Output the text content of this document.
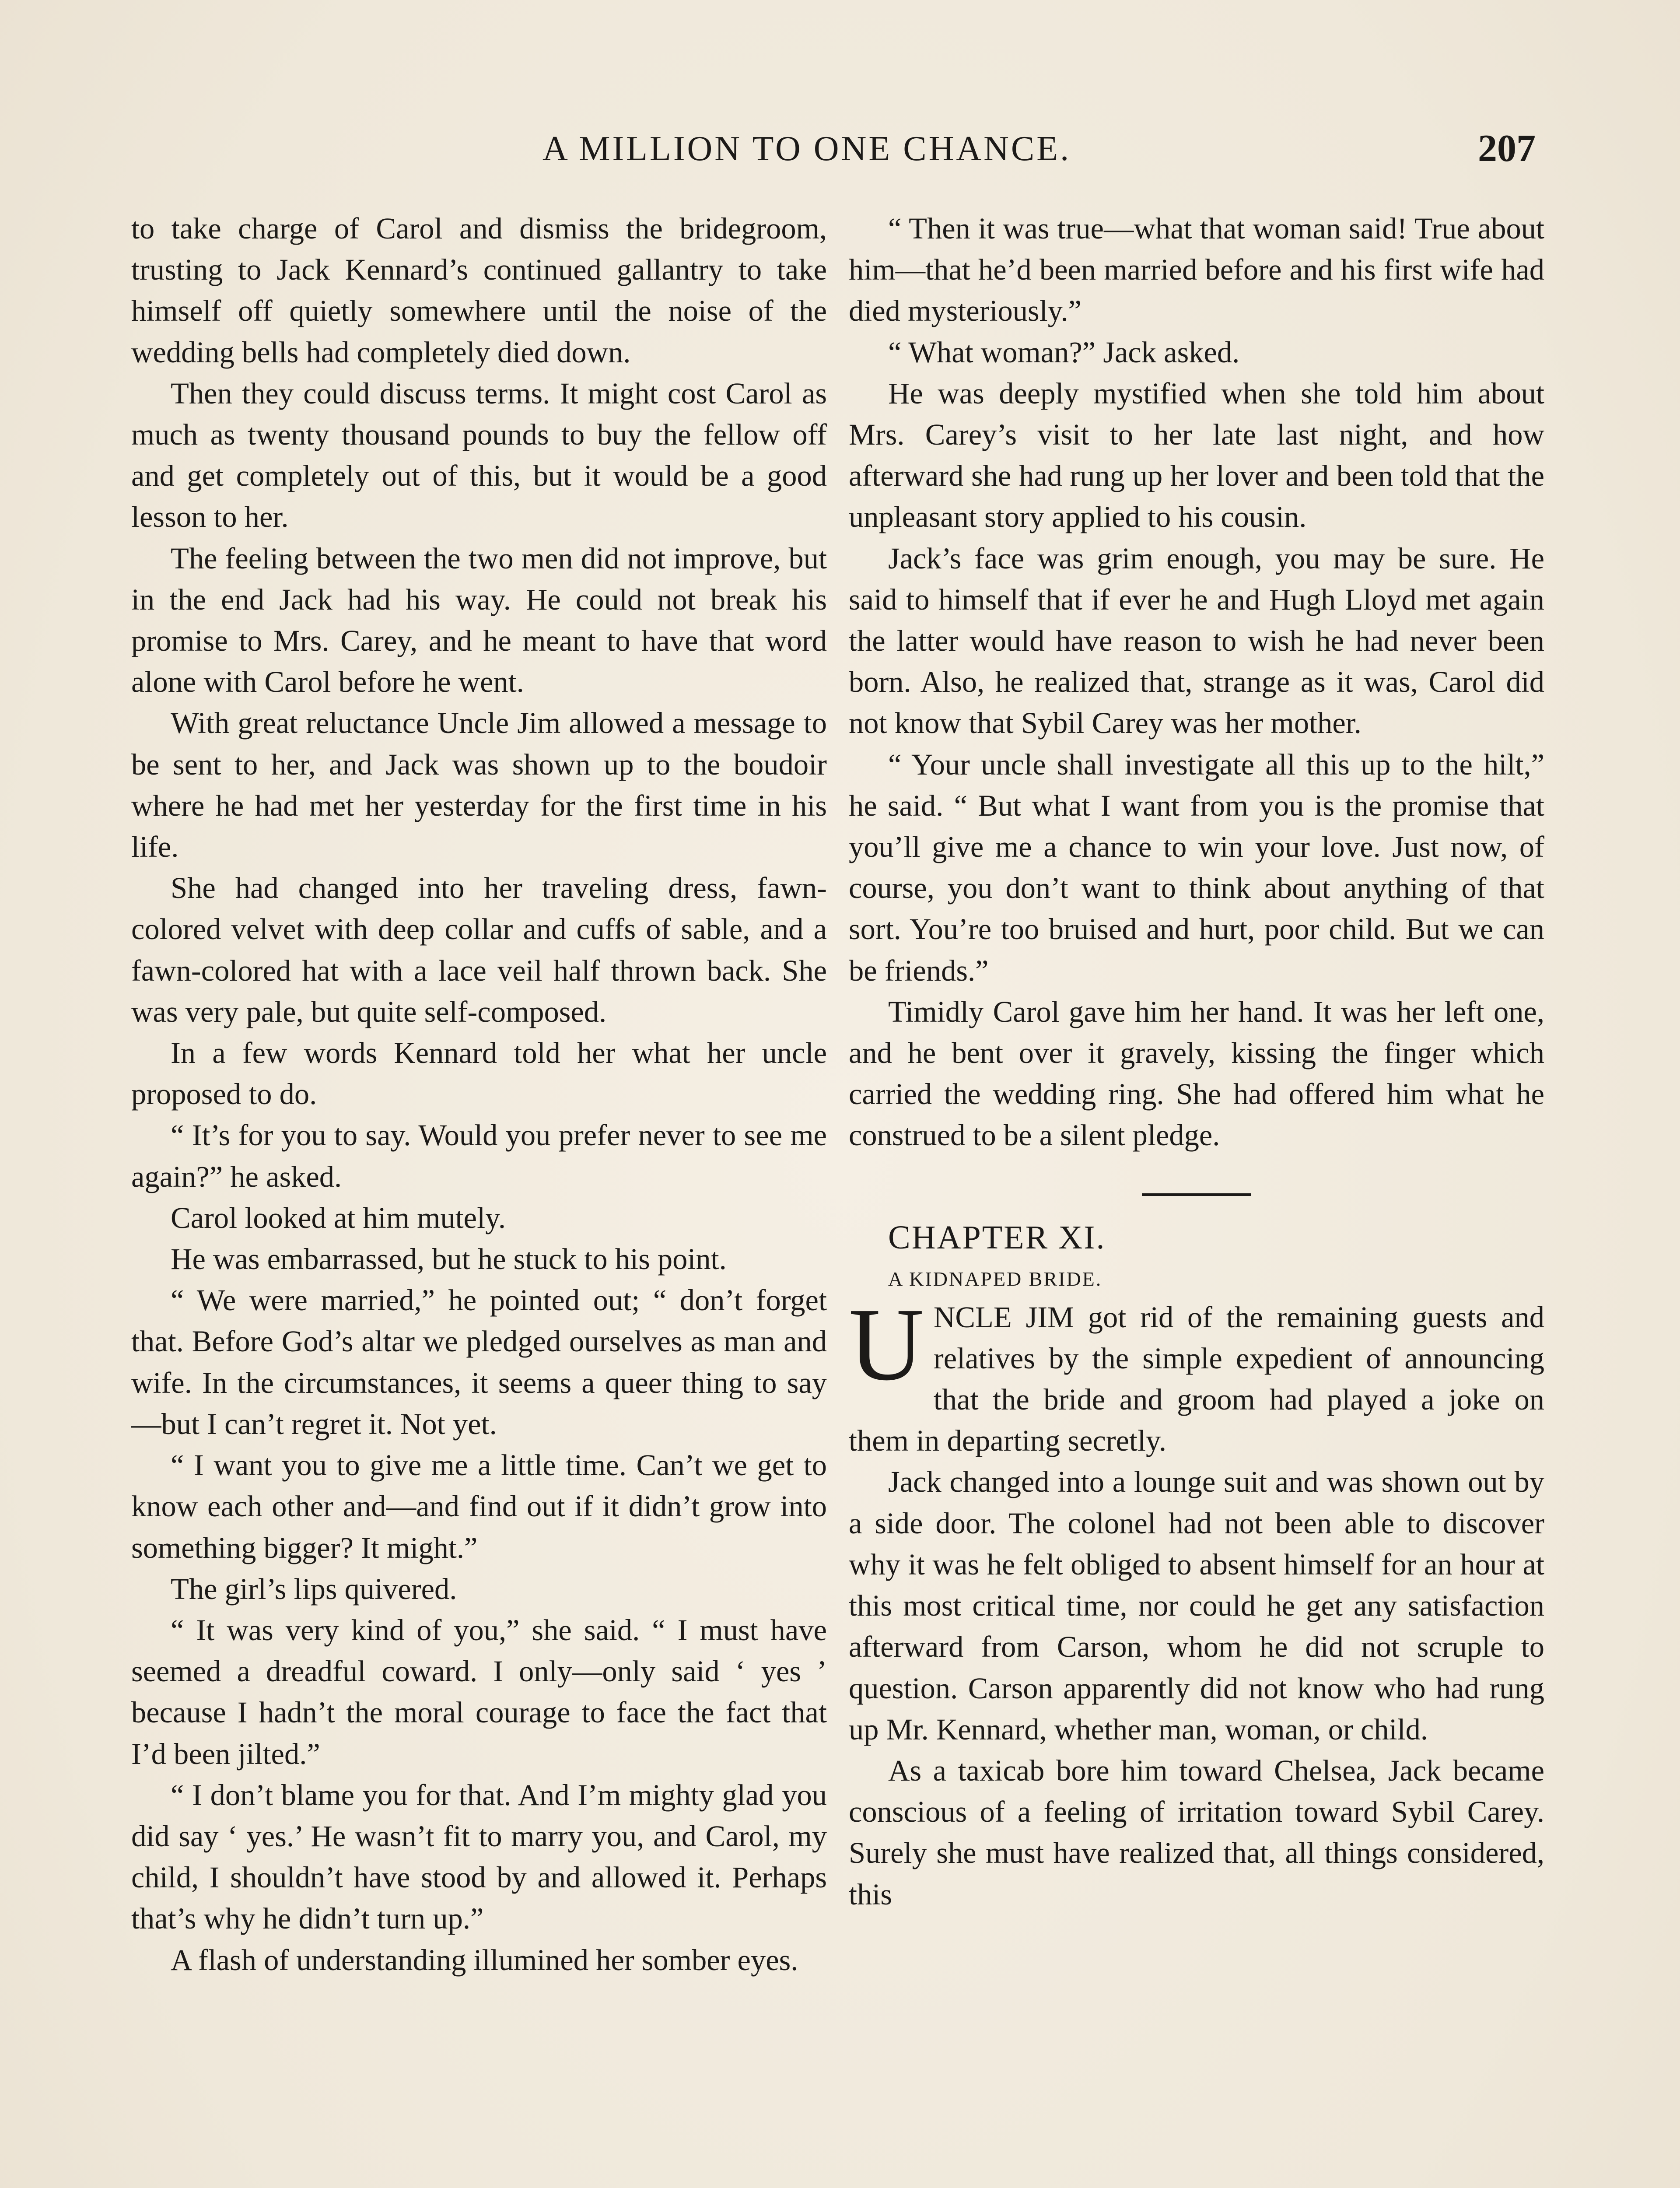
A MILLION TO ONE CHANCE.	207

to take charge of Carol and dismiss the bridegroom, trusting to Jack Kennard’s continued gallantry to take himself off quietly somewhere until the noise of the wedding bells had completely died down.

Then they could discuss terms. It might cost Carol as much as twenty thousand pounds to buy the fellow off and get completely out of this, but it would be a good lesson to her.

The feeling between the two men did not improve, but in the end Jack had his way. He could not break his promise to Mrs. Carey, and he meant to have that word alone with Carol before he went.

With great reluctance Uncle Jim allowed a message to be sent to her, and Jack was shown up to the boudoir where he had met her yesterday for the first time in his life.

She had changed into her traveling dress, fawn-colored velvet with deep collar and cuffs of sable, and a fawn-colored hat with a lace veil half thrown back. She was very pale, but quite self-composed.

In a few words Kennard told her what her uncle proposed to do.

“ It’s for you to say. Would you prefer never to see me again?” he asked.

Carol looked at him mutely.

He was embarrassed, but he stuck to his point.

“ We were married,” he pointed out; “ don’t forget that. Before God’s altar we pledged ourselves as man and wife. In the circumstances, it seems a queer thing to say—but I can’t regret it. Not yet.

“ I want you to give me a little time. Can’t we get to know each other and—and find out if it didn’t grow into something bigger? It might.”

The girl’s lips quivered.

“ It was very kind of you,” she said. “ I must have seemed a dreadful coward. I only—only said ‘ yes ’ because I hadn’t the moral courage to face the fact that I’d been jilted.”

“ I don’t blame you for that. And I’m mighty glad you did say ‘ yes.’ He wasn’t fit to marry you, and Carol, my child, I shouldn’t have stood by and allowed it. Perhaps that’s why he didn’t turn up.”

A flash of understanding illumined her somber eyes.

“ Then it was true—what that woman said! True about him—that he’d been married before and his first wife had died mysteriously.”

“ What woman?” Jack asked.

He was deeply mystified when she told him about Mrs. Carey’s visit to her late last night, and how afterward she had rung up her lover and been told that the unpleasant story applied to his cousin.

Jack’s face was grim enough, you may be sure. He said to himself that if ever he and Hugh Lloyd met again the latter would have reason to wish he had never been born. Also, he realized that, strange as it was, Carol did not know that Sybil Carey was her mother.

“ Your uncle shall investigate all this up to the hilt,” he said. “ But what I want from you is the promise that you’ll give me a chance to win your love. Just now, of course, you don’t want to think about anything of that sort. You’re too bruised and hurt, poor child. But we can be friends.”

Timidly Carol gave him her hand. It was her left one, and he bent over it gravely, kissing the finger which carried the wedding ring. She had offered him what he construed to be a silent pledge.

CHAPTER XI.

A KIDNAPED BRIDE.

UNCLE JIM got rid of the remaining guests and relatives by the simple expedient of announcing that the bride and groom had played a joke on them in departing secretly.

Jack changed into a lounge suit and was shown out by a side door. The colonel had not been able to discover why it was he felt obliged to absent himself for an hour at this most critical time, nor could he get any satisfaction afterward from Carson, whom he did not scruple to question. Carson apparently did not know who had rung up Mr. Kennard, whether man, woman, or child.

As a taxicab bore him toward Chelsea, Jack became conscious of a feeling of irritation toward Sybil Carey. Surely she must have realized that, all things considered, this
